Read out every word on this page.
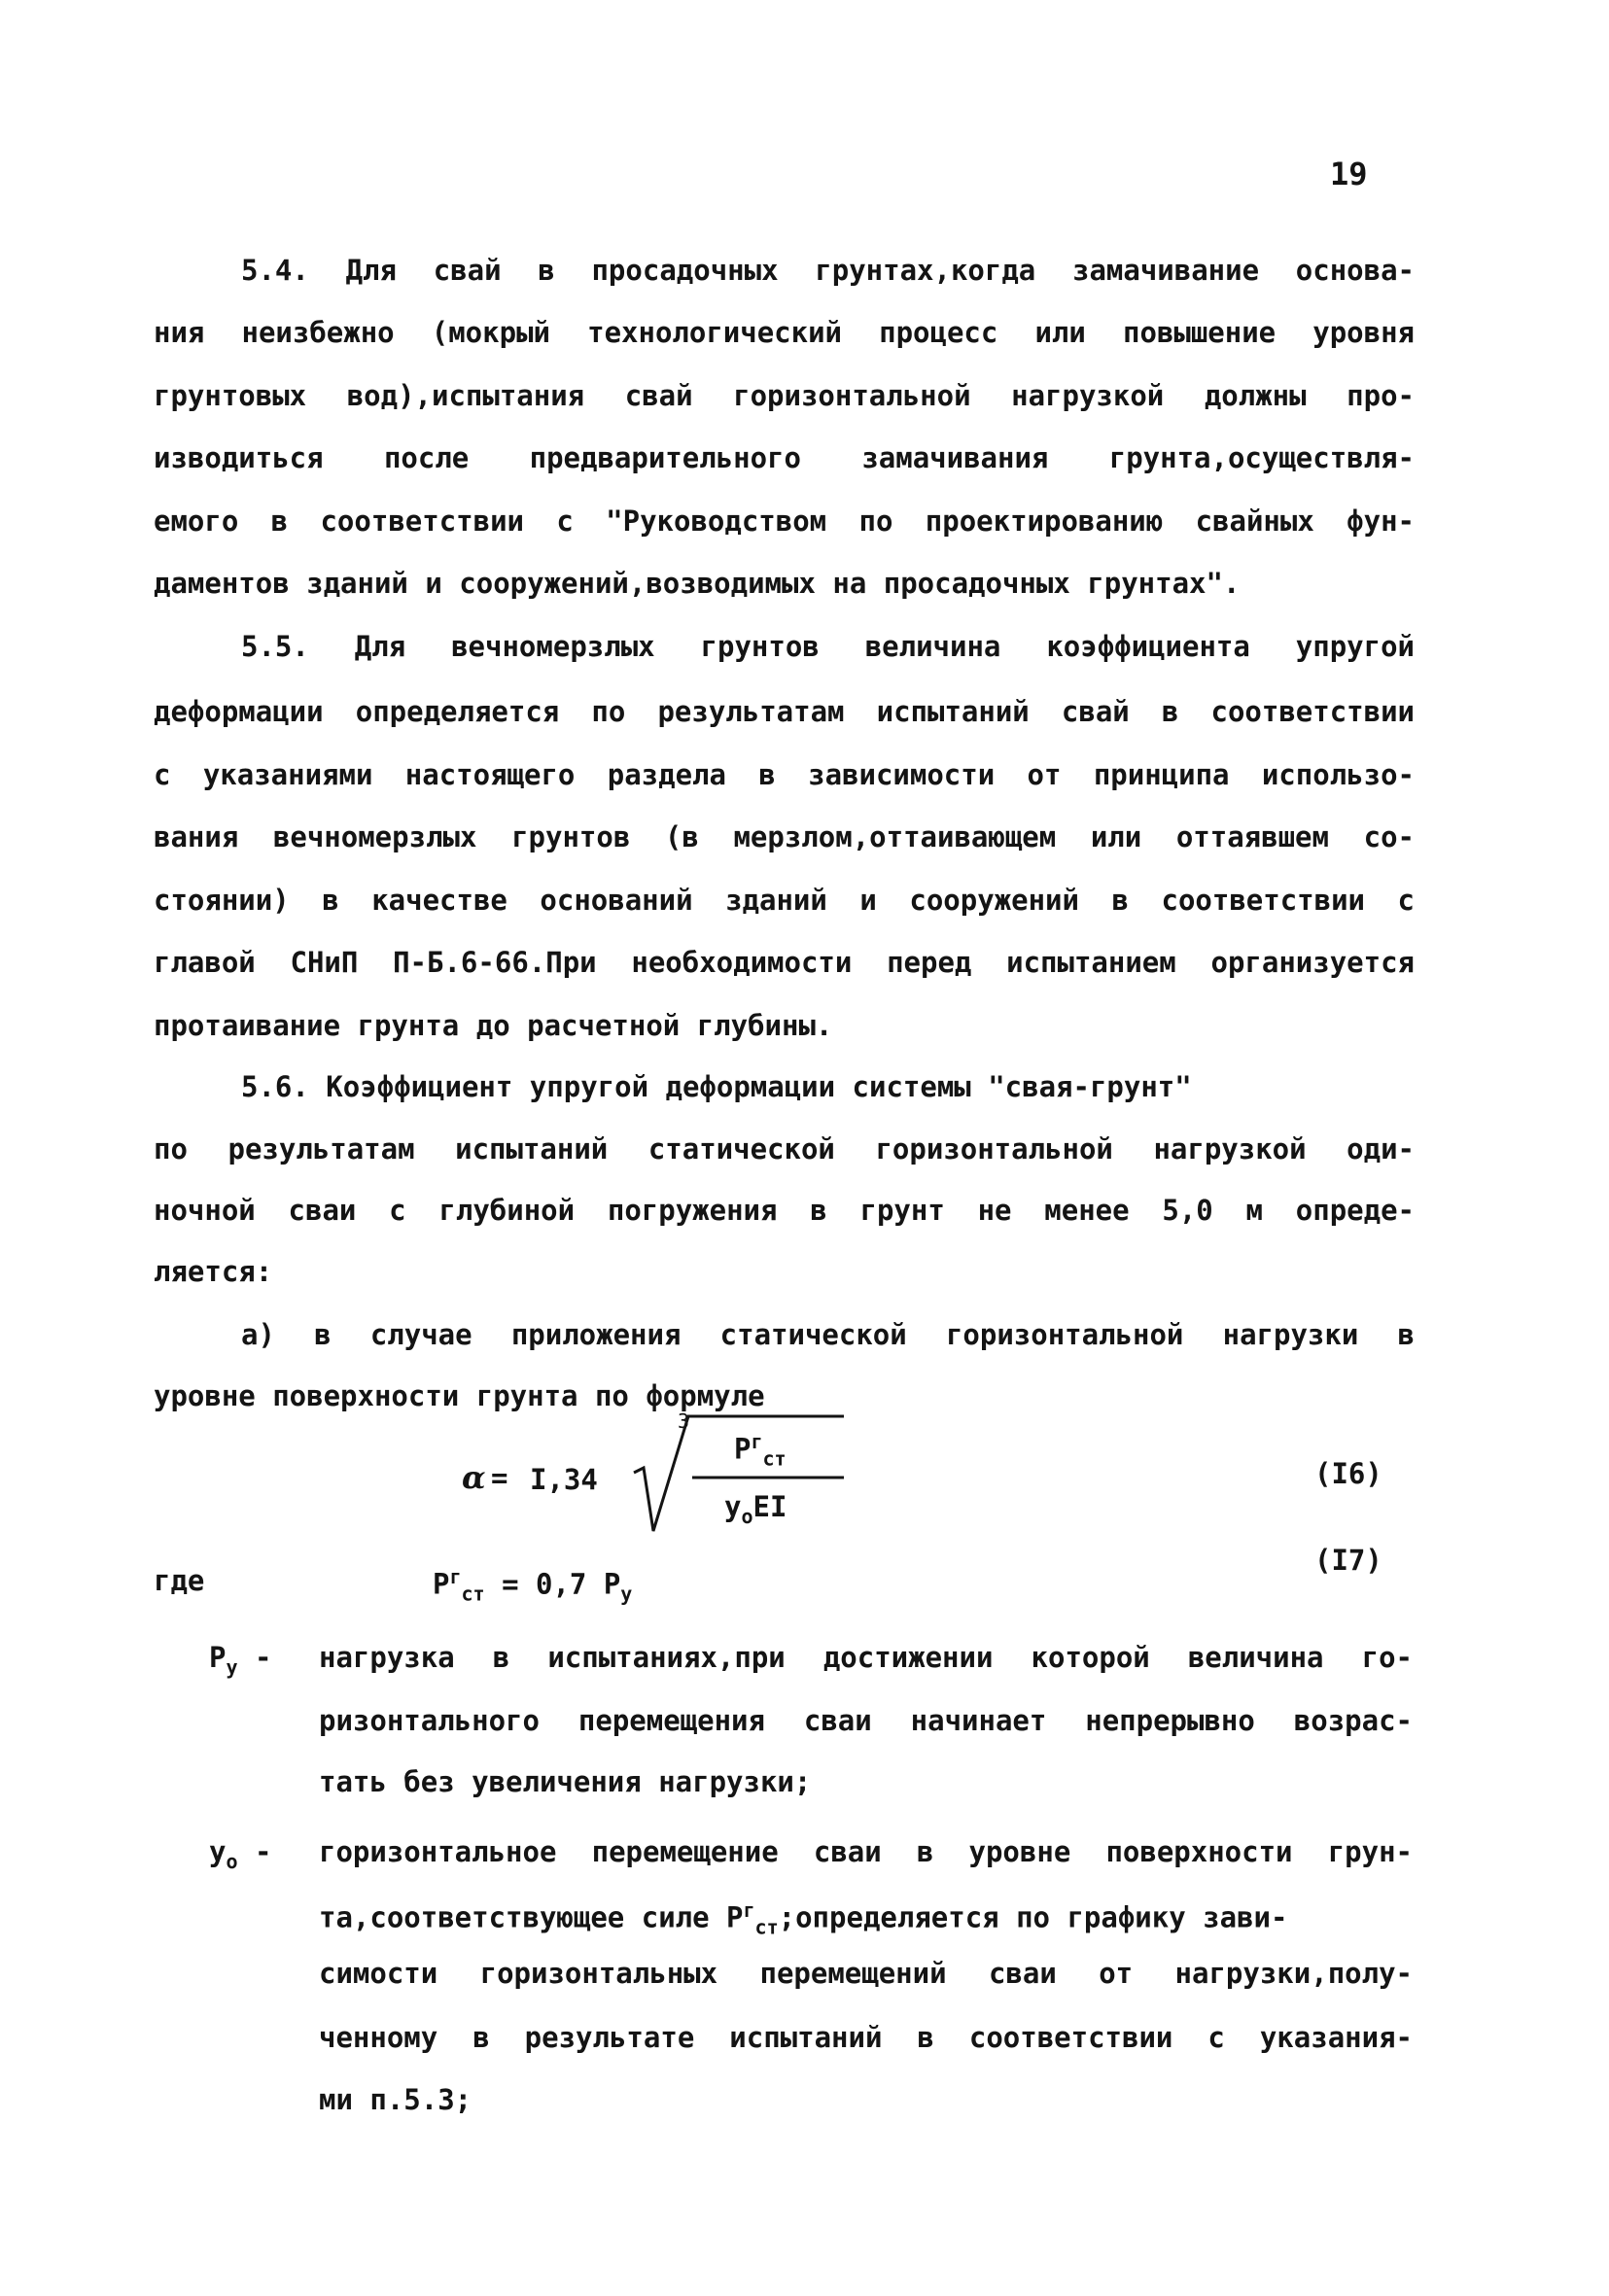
19
5.4. Для свай в просадочных грунтах,когда замачивание основа-
ния неизбежно (мокрый технологический процесс или повышение уровня
грунтовых вод),испытания свай горизонтальной нагрузкой должны про-
изводиться после предварительного замачивания грунта,осуществля-
емого в соответствии с "Руководством по проектированию свайных фун-
даментов зданий и сооружений,возводимых на просадочных грунтах".
5.5. Для вечномерзлых грунтов величина коэффициента упругой
деформации определяется по результатам испытаний свай в соответствии
с указаниями настоящего раздела в зависимости от принципа использо-
вания вечномерзлых грунтов (в мерзлом,оттаивающем или оттаявшем со-
стоянии) в качестве оснований зданий и сооружений в соответствии с
главой СНиП П-Б.6-66.При необходимости перед испытанием организуется
протаивание грунта до расчетной глубины.
5.6. Коэффициент упругой деформации системы "свая-грунт"
по результатам испытаний статической горизонтальной нагрузкой оди-
ночной сваи с глубиной погружения в грунт не менее 5,0 м опреде-
ляется:
а) в случае приложения статической горизонтальной нагрузки в
уровне поверхности грунта по формуле
α = I,34
3
$P^г_{ст}$
$y_oEI$
(I6)
где	$P^г_{ст} = 0,7$ $P_у$
(I7)
$P_у$ - нагрузка в испытаниях,при достижении которой величина го-
ризонтального перемещения сваи начинает непрерывно возрас-
тать без увеличения нагрузки;
$y_o$ - горизонтальное перемещение сваи в уровне поверхности грун-
та,соответствующее силе $P^г_{ст};определяется$ по графику зави-
симости горизонтальных перемещений сваи от нагрузки,полу-
ченному в результате испытаний в соответствии с указания-
ми п.5.3;
